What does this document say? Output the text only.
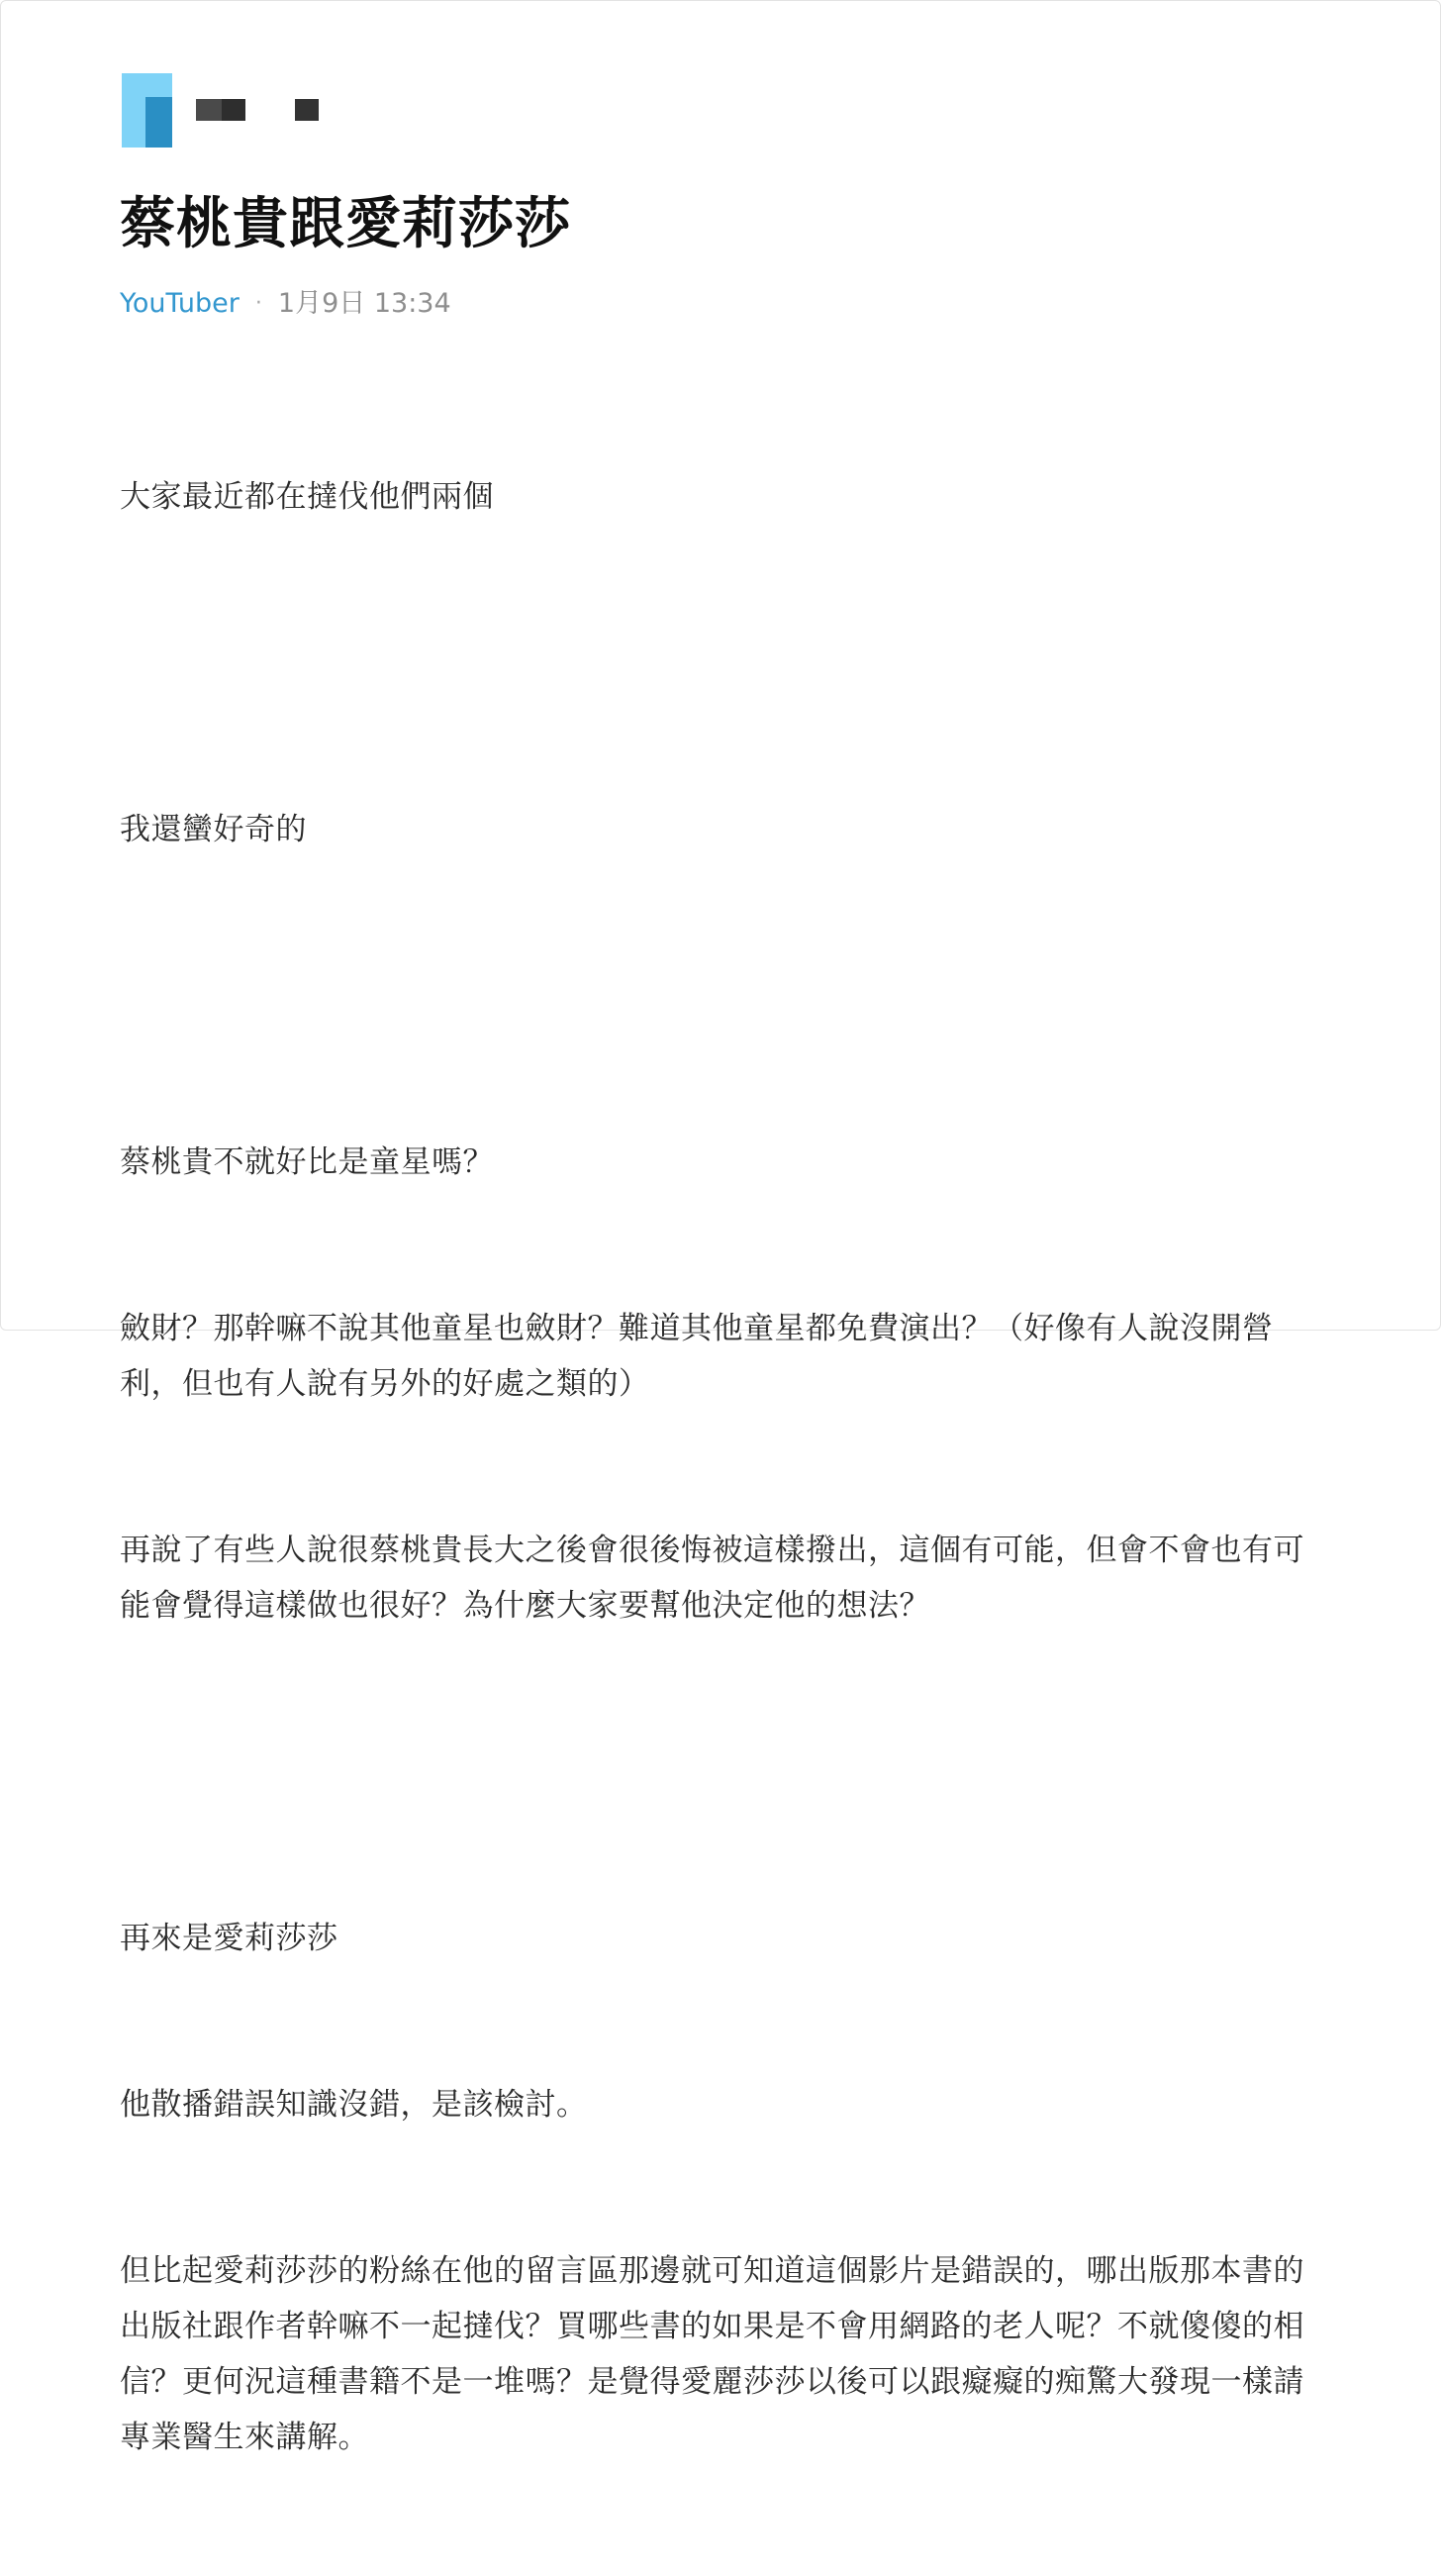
蔡桃貴跟愛莉莎莎
YouTuber · 1月9日 13:34

大家最近都在撻伐他們兩個

我還蠻好奇的

蔡桃貴不就好比是童星嗎？

斂財？那幹嘛不說其他童星也斂財？難道其他童星都免費演出？（好像有人說沒開營利，但也有人說有另外的好處之類的）

再說了有些人說很蔡桃貴長大之後會很後悔被這樣撥出，這個有可能，但會不會也有可能會覺得這樣做也很好？為什麼大家要幫他決定他的想法？

再來是愛莉莎莎

他散播錯誤知識沒錯，是該檢討。

但比起愛莉莎莎的粉絲在他的留言區那邊就可知道這個影片是錯誤的，哪出版那本書的出版社跟作者幹嘛不一起撻伐？買哪些書的如果是不會用網路的老人呢？不就傻傻的相信？更何況這種書籍不是一堆嗎？是覺得愛麗莎莎以後可以跟癡癡的痴驚大發現一樣請專業醫生來講解。
